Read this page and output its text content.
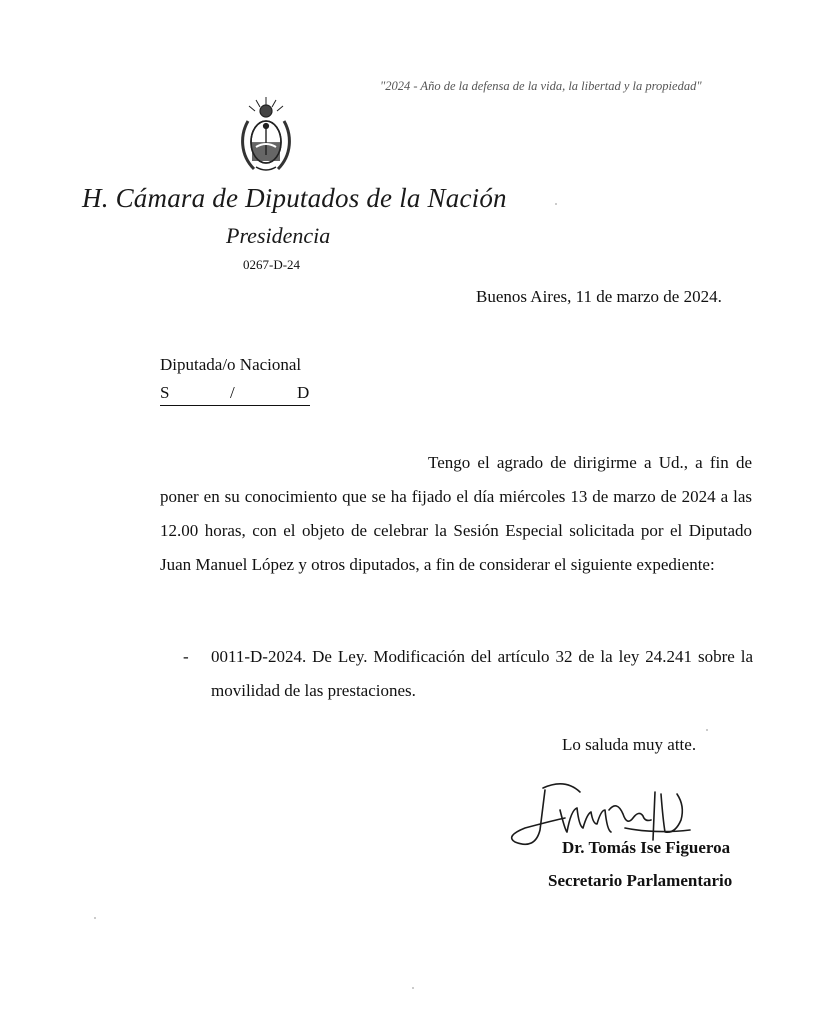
"2024 - Año de la defensa de la vida, la libertad y la propiedad"
H. Cámara de Diputados de la Nación
Presidencia
0267-D-24
Buenos Aires, 11 de marzo de 2024.
Diputada/o Nacional
S	/	D
Tengo el agrado de dirigirme a Ud., a fin de poner en su conocimiento que se ha fijado el día miércoles 13 de marzo de 2024 a las 12.00 horas, con el objeto de celebrar la Sesión Especial solicitada por el Diputado Juan Manuel López y otros diputados, a fin de considerar el siguiente expediente:
- 0011-D-2024. De Ley. Modificación del artículo 32 de la ley 24.241 sobre la movilidad de las prestaciones.
Lo saluda muy atte.
Dr. Tomás Ise Figueroa
Secretario Parlamentario
